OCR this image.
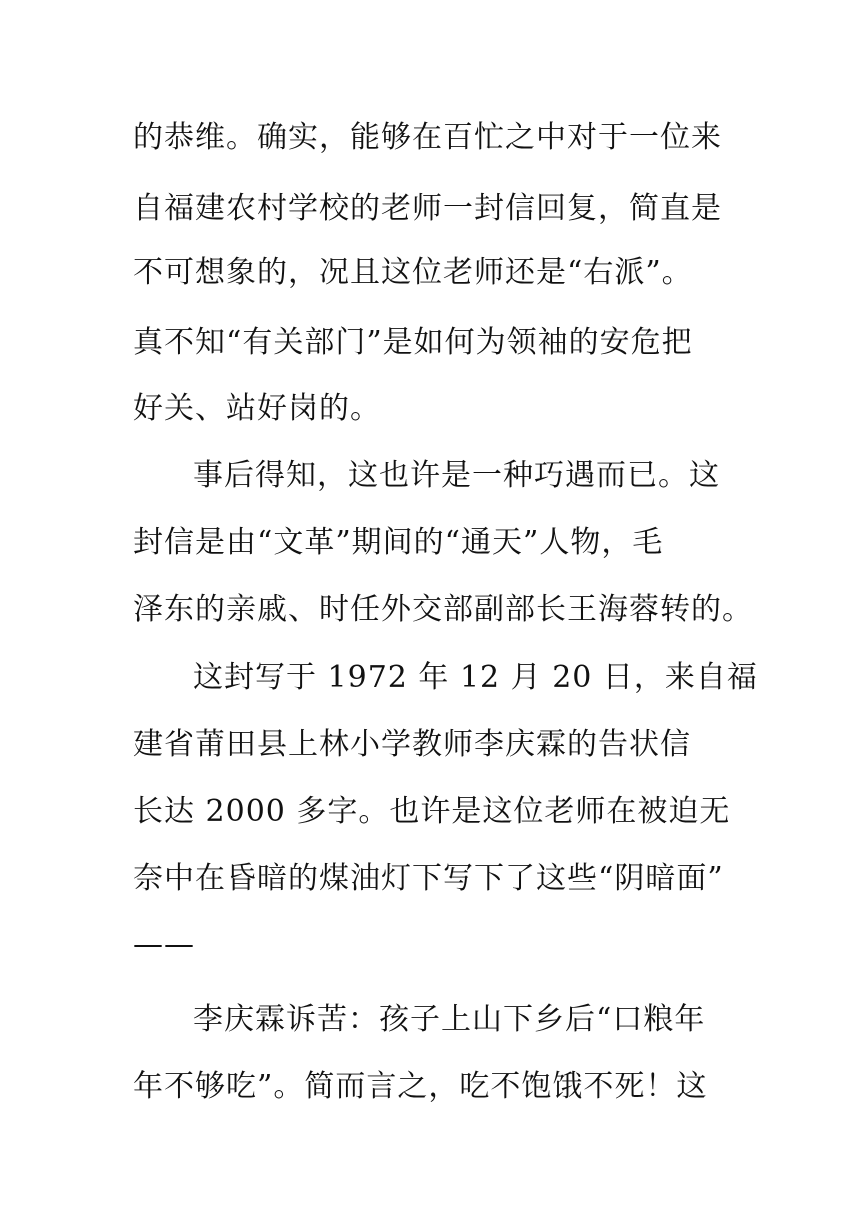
的恭维。确实，能够在百忙之中对于一位来
自福建农村学校的老师一封信回复，简直是
不可想象的，况且这位老师还是“右派”。
真不知“有关部门”是如何为领袖的安危把
好关、站好岗的。
事后得知，这也许是一种巧遇而已。这
封信是由“文革”期间的“通天”人物，毛
泽东的亲戚、时任外交部副部长王海蓉转的。
这封写于 1972 年 12 月 20 日，来自福
建省莆田县上林小学教师李庆霖的告状信
长达 2000 多字。也许是这位老师在被迫无
奈中在昏暗的煤油灯下写下了这些“阴暗面”
——
李庆霖诉苦：孩子上山下乡后“口粮年
年不够吃”。简而言之，吃不饱饿不死！这
